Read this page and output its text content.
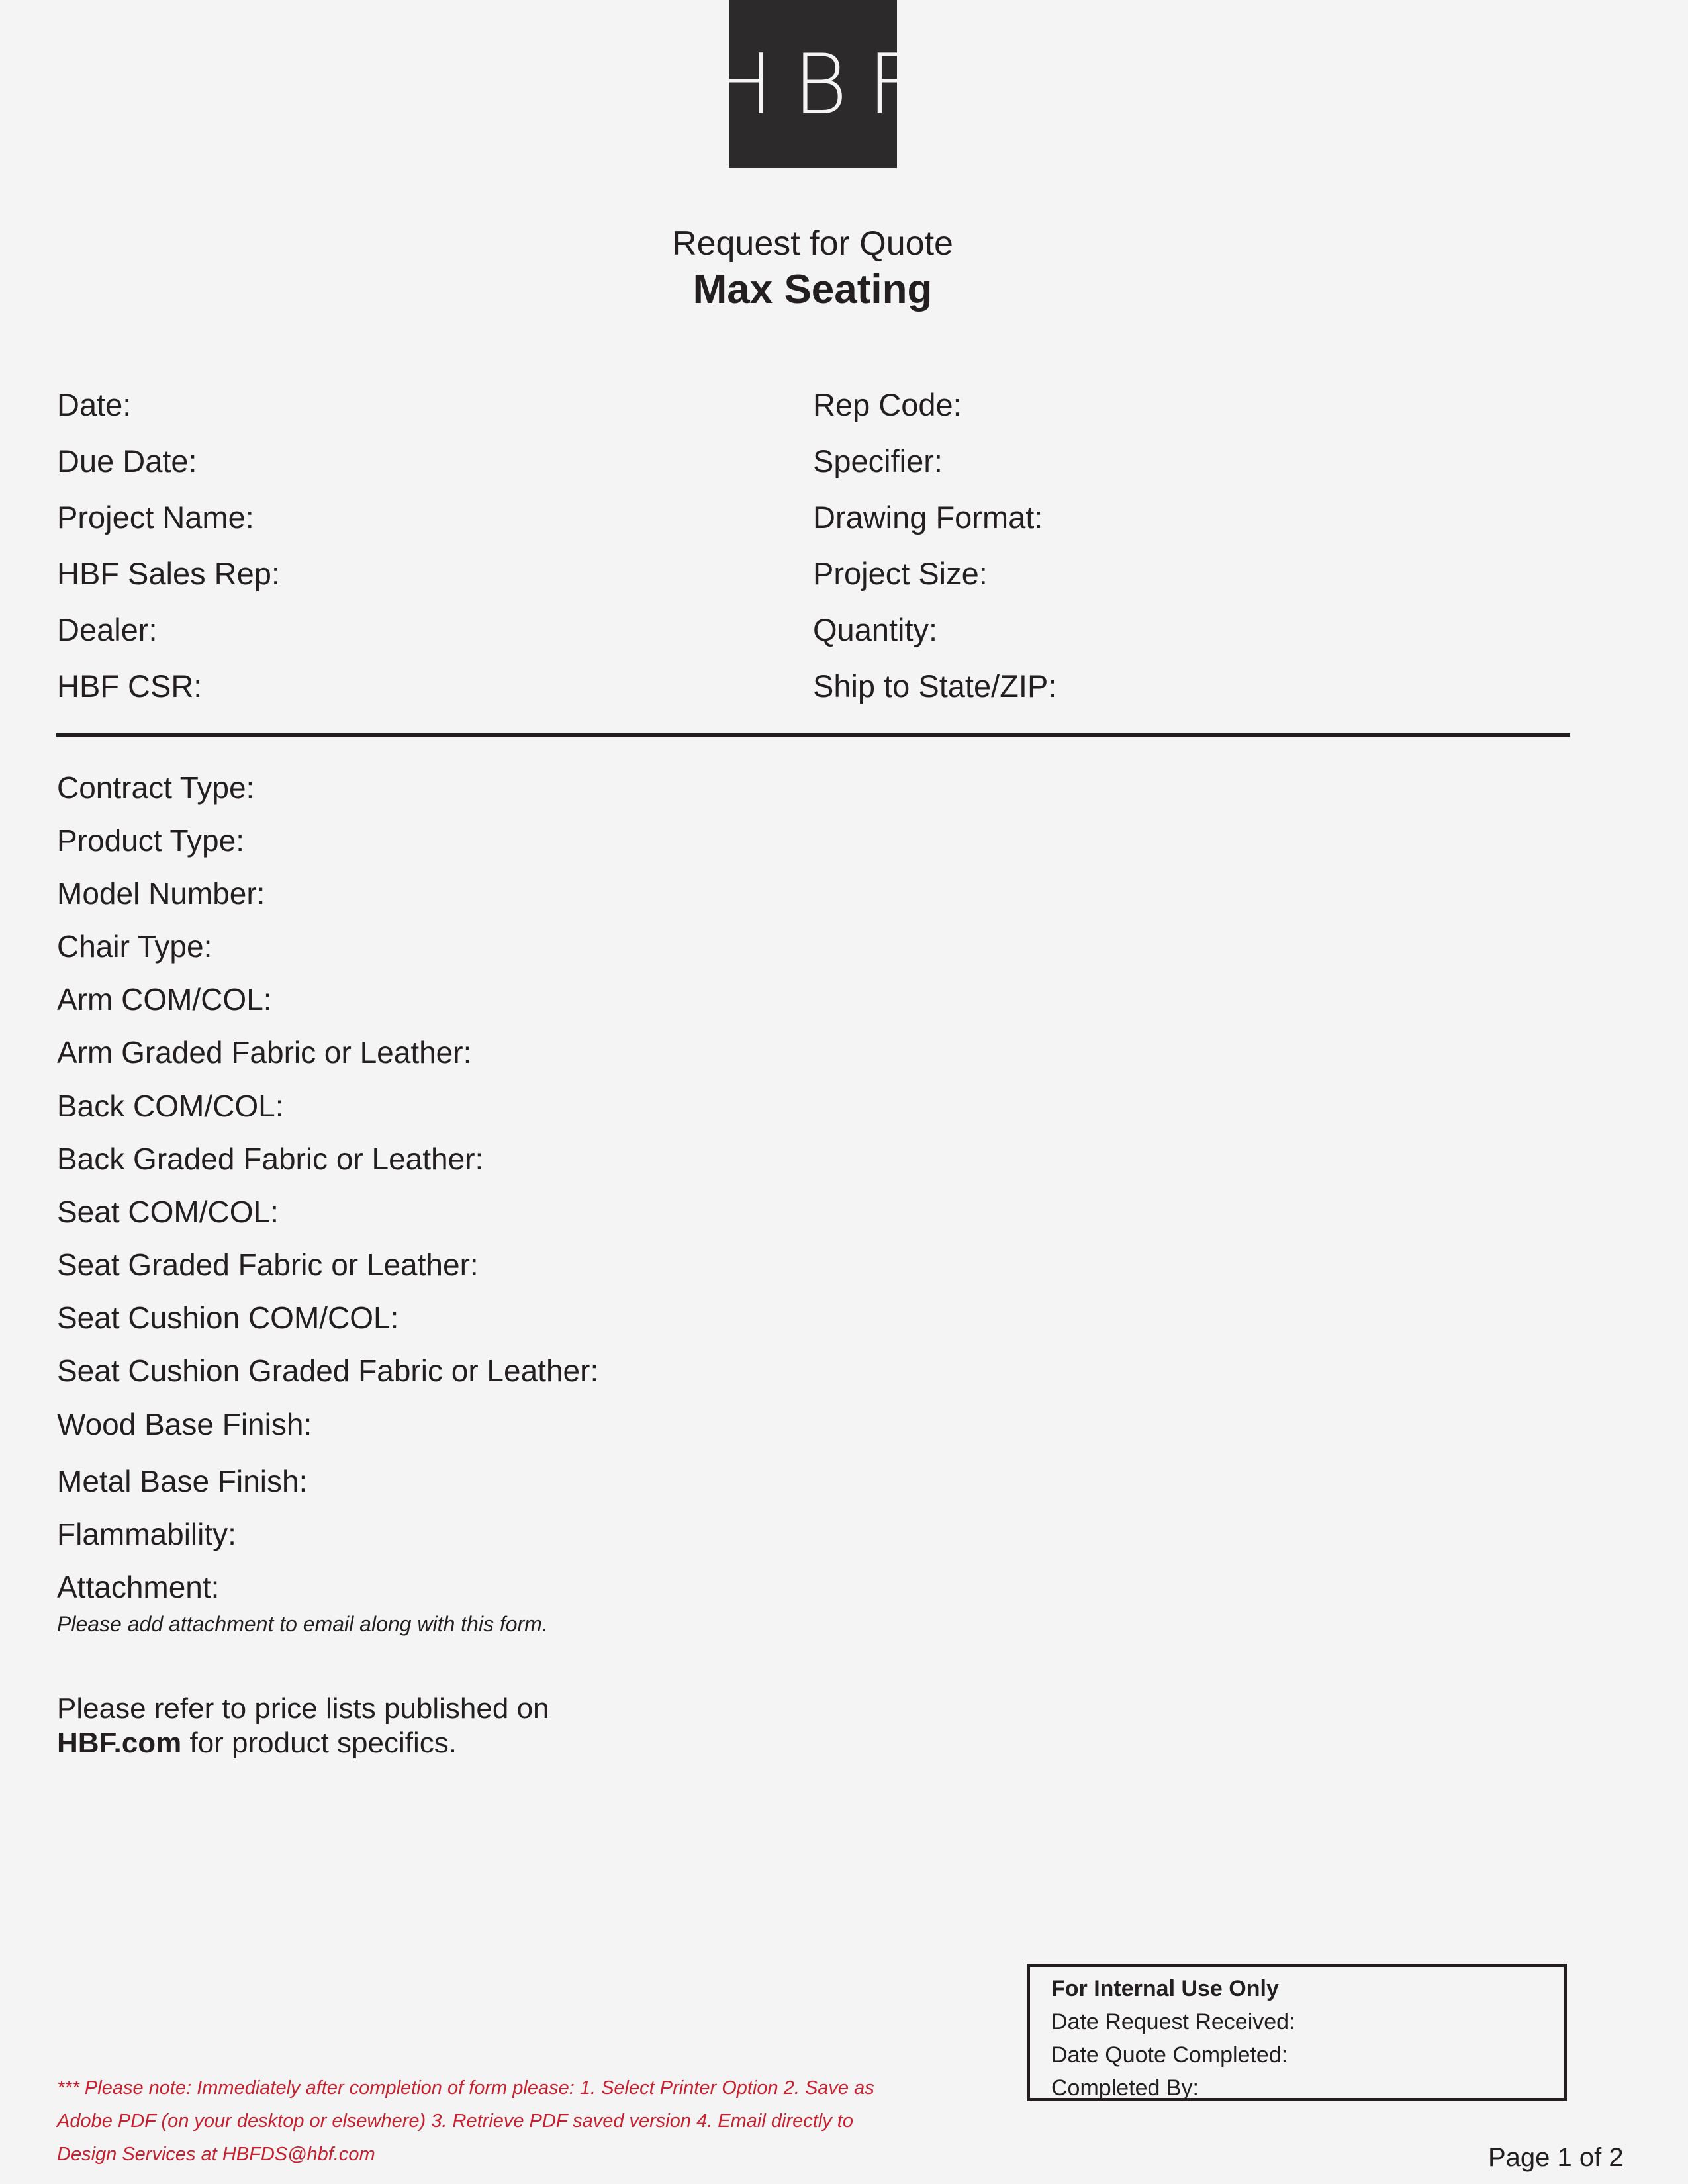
HBF
Request for Quote
Max Seating
Date:
Due Date:
Project Name:
HBF Sales Rep:
Dealer:
HBF CSR:
Rep Code:
Specifier:
Drawing Format:
Project Size:
Quantity:
Ship to State/ZIP:
Contract Type:
Product Type:
Model Number:
Chair Type:
Arm COM/COL:
Arm Graded Fabric or Leather:
Back COM/COL:
Back Graded Fabric or Leather:
Seat COM/COL:
Seat Graded Fabric or Leather:
Seat Cushion COM/COL:
Seat Cushion Graded Fabric or Leather:
Wood Base Finish:
Metal Base Finish:
Flammability:
Attachment:
Please add attachment to email along with this form.
Please refer to price lists published on
HBF.com for product specifics.
For Internal Use Only
Date Request Received:
Date Quote Completed:
Completed By:
*** Please note: Immediately after completion of form please: 1. Select Printer Option 2. Save as Adobe PDF (on your desktop or elsewhere) 3. Retrieve PDF saved version 4. Email directly to Design Services at HBFDS@hbf.com	Page 1 of 2
